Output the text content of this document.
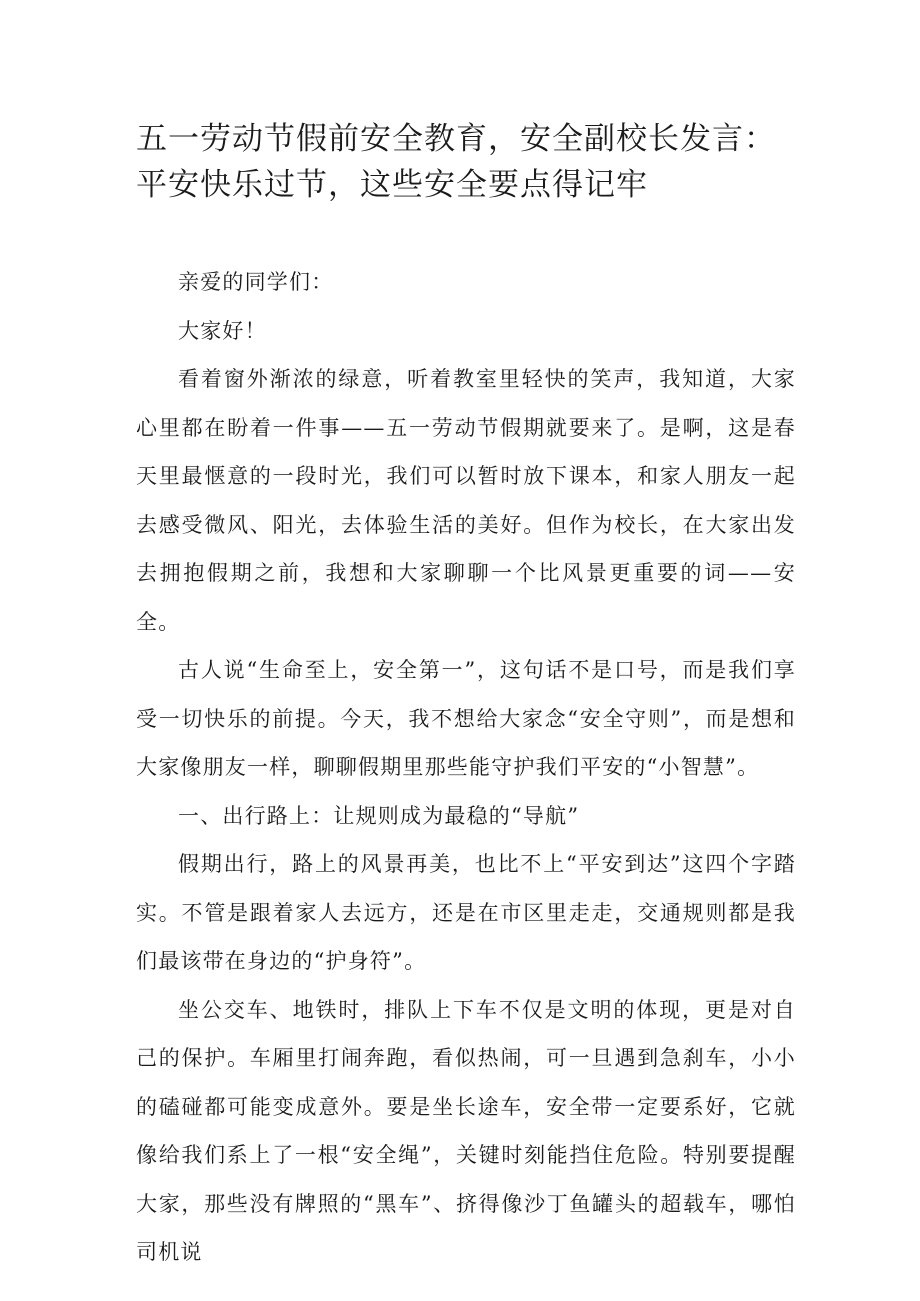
五一劳动节假前安全教育，安全副校长发言：
平安快乐过节，这些安全要点得记牢

亲爱的同学们：

大家好！

看着窗外渐浓的绿意，听着教室里轻快的笑声，我知道，大家心里都在盼着一件事——五一劳动节假期就要来了。是啊，这是春天里最惬意的一段时光，我们可以暂时放下课本，和家人朋友一起去感受微风、阳光，去体验生活的美好。但作为校长，在大家出发去拥抱假期之前，我想和大家聊聊一个比风景更重要的词——安全。

古人说“生命至上，安全第一”，这句话不是口号，而是我们享受一切快乐的前提。今天，我不想给大家念“安全守则”，而是想和大家像朋友一样，聊聊假期里那些能守护我们平安的“小智慧”。

一、出行路上：让规则成为最稳的“导航”

假期出行，路上的风景再美，也比不上“平安到达”这四个字踏实。不管是跟着家人去远方，还是在市区里走走，交通规则都是我们最该带在身边的“护身符”。

坐公交车、地铁时，排队上下车不仅是文明的体现，更是对自己的保护。车厢里打闹奔跑，看似热闹，可一旦遇到急刹车，小小的磕碰都可能变成意外。要是坐长途车，安全带一定要系好，它就像给我们系上了一根“安全绳”，关键时刻能挡住危险。特别要提醒大家，那些没有牌照的“黑车”、挤得像沙丁鱼罐头的超载车，哪怕司机说
